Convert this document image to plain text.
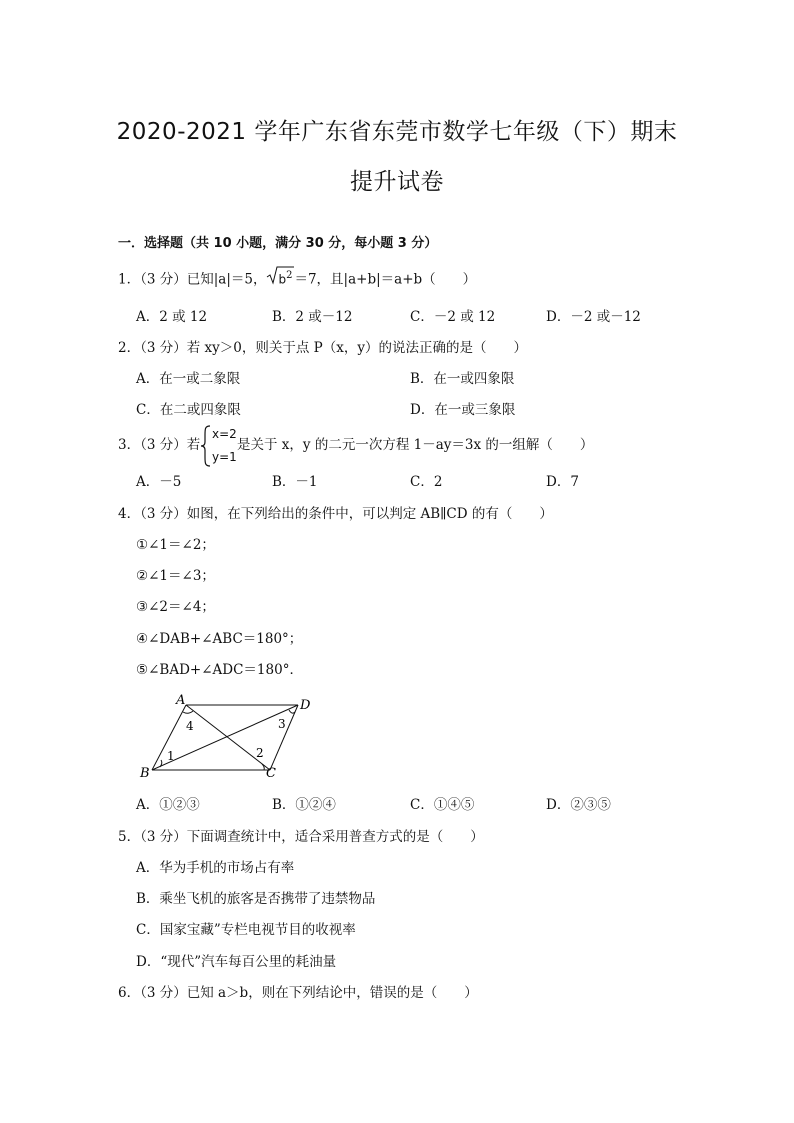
2020-2021 学年广东省东莞市数学七年级（下）期末
提升试卷
一．选择题（共 10 小题，满分 30 分，每小题 3 分）
1．（3 分）已知|a|＝5， $b^2 =7$，且|a+b|＝a+b（　　）
A．2 或 12	B．2 或－12	C．－2 或 12	D．－2 或－12
2．（3 分）若 xy＞0，则关于点 P（x，y）的说法正确的是（　　）
A．在一或二象限	B．在一或四象限
C．在二或四象限	D．在一或三象限
3．（3 分）若
x=2
y=1
是关于 x，y 的二元一次方程 1－ay＝3x 的一组解（　　）
A．－5	B．－1	C．2	D．7
4．（3 分）如图，在下列给出的条件中，可以判定 AB∥CD 的有（　　）
①∠1＝∠2；
②∠1＝∠3；
③∠2＝∠4；
④∠DAB+∠ABC＝180°；
⑤∠BAD+∠ADC＝180°．
A	D
B	C
1	2
3
4
A．①②③	B．①②④	C．①④⑤	D．②③⑤
5．（3 分）下面调查统计中，适合采用普查方式的是（　　）
A．华为手机的市场占有率
B．乘坐飞机的旅客是否携带了违禁物品
C．国家宝藏”专栏电视节目的收视率
D．“现代”汽车每百公里的耗油量
6．（3 分）已知 a＞b，则在下列结论中，错误的是（　　）
